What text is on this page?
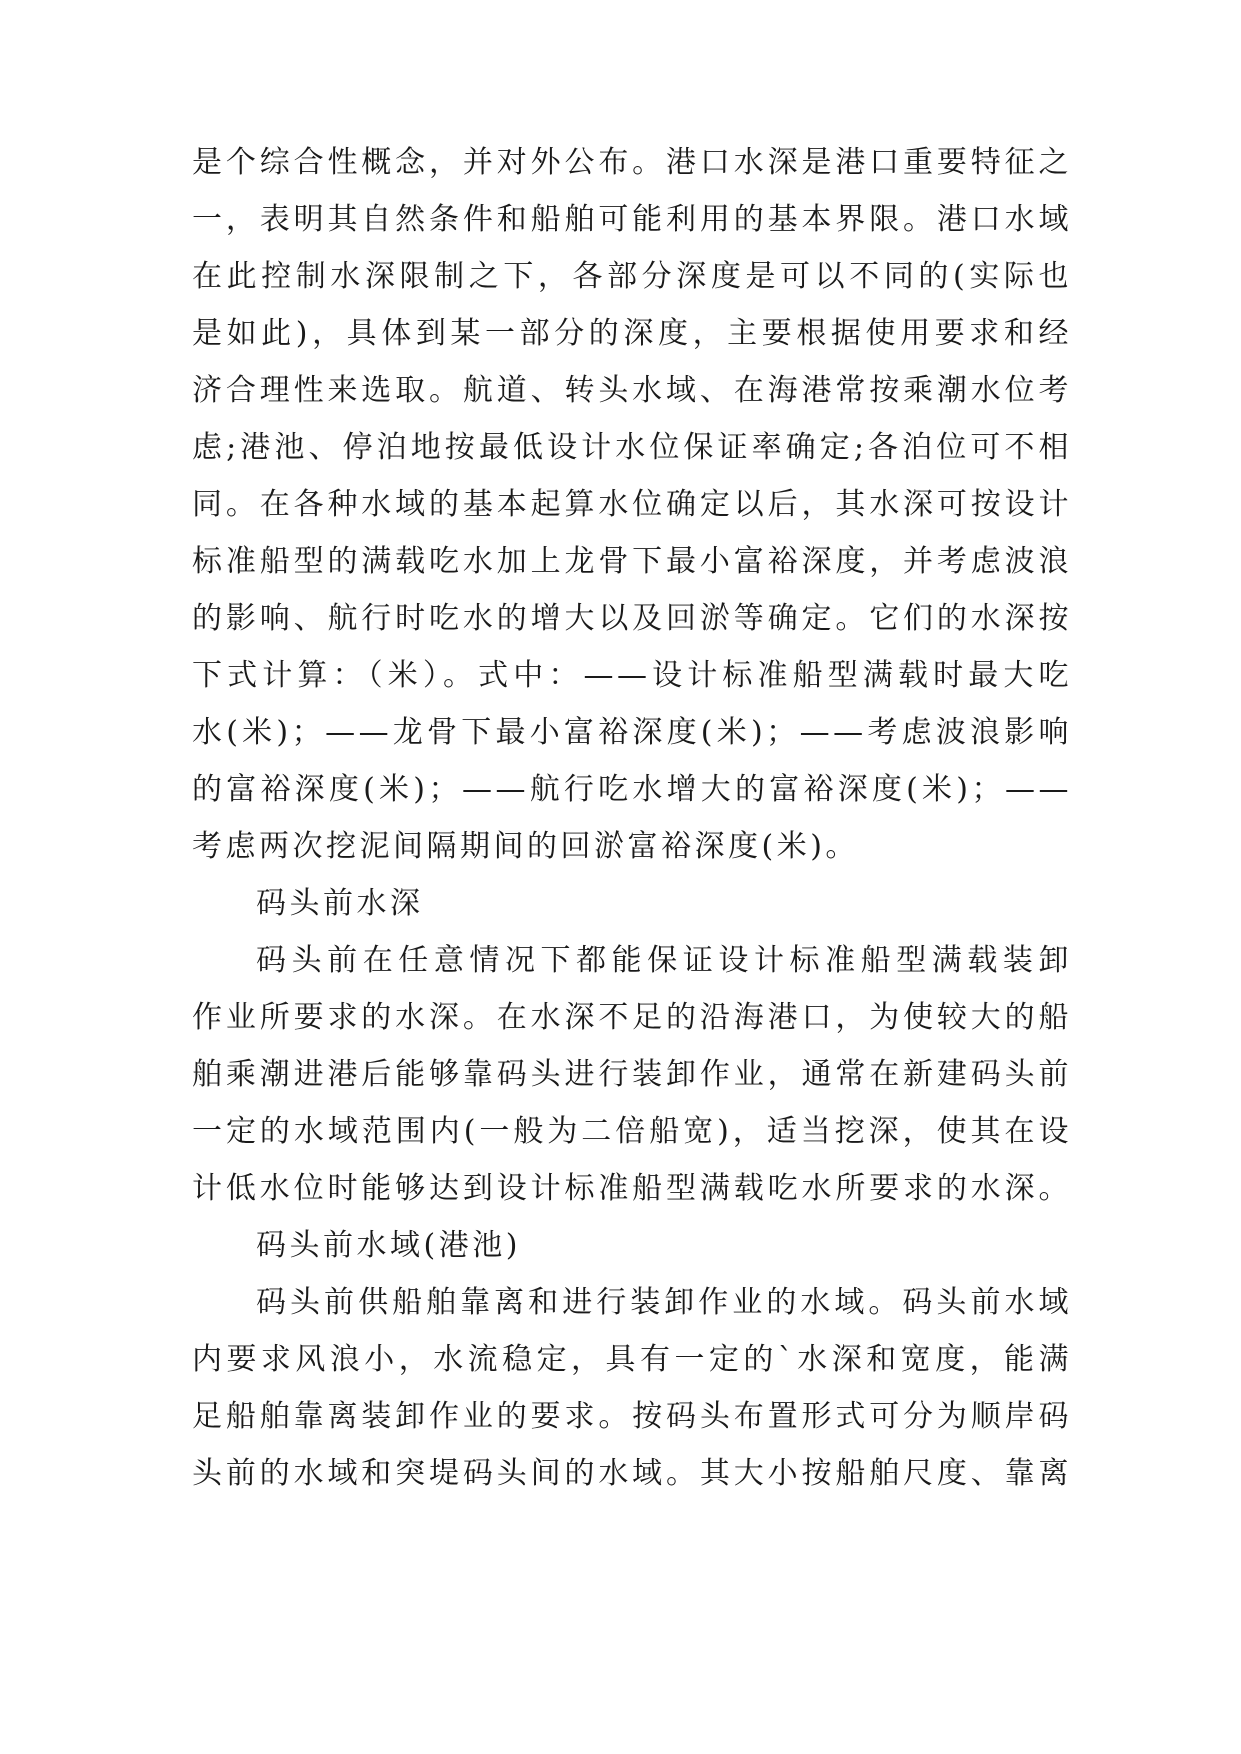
是个综合性概念，并对外公布。港口水深是港口重要特征之
一，表明其自然条件和船舶可能利用的基本界限。港口水域
在此控制水深限制之下，各部分深度是可以不同的(实际也
是如此)，具体到某一部分的深度，主要根据使用要求和经
济合理性来选取。航道、转头水域、在海港常按乘潮水位考
虑;港池、停泊地按最低设计水位保证率确定;各泊位可不相
同。在各种水域的基本起算水位确定以后，其水深可按设计
标准船型的满载吃水加上龙骨下最小富裕深度，并考虑波浪
的影响、航行时吃水的增大以及回淤等确定。它们的水深按
下式计算：（米）。式中：——设计标准船型满载时最大吃
水(米)；——龙骨下最小富裕深度(米)；——考虑波浪影响
的富裕深度(米)；——航行吃水增大的富裕深度(米)；——
考虑两次挖泥间隔期间的回淤富裕深度(米)。
码头前水深
码头前在任意情况下都能保证设计标准船型满载装卸
作业所要求的水深。在水深不足的沿海港口，为使较大的船
舶乘潮进港后能够靠码头进行装卸作业，通常在新建码头前
一定的水域范围内(一般为二倍船宽)，适当挖深，使其在设
计低水位时能够达到设计标准船型满载吃水所要求的水深。
码头前水域(港池)
码头前供船舶靠离和进行装卸作业的水域。码头前水域
内要求风浪小，水流稳定，具有一定的`水深和宽度，能满
足船舶靠离装卸作业的要求。按码头布置形式可分为顺岸码
头前的水域和突堤码头间的水域。其大小按船舶尺度、靠离
